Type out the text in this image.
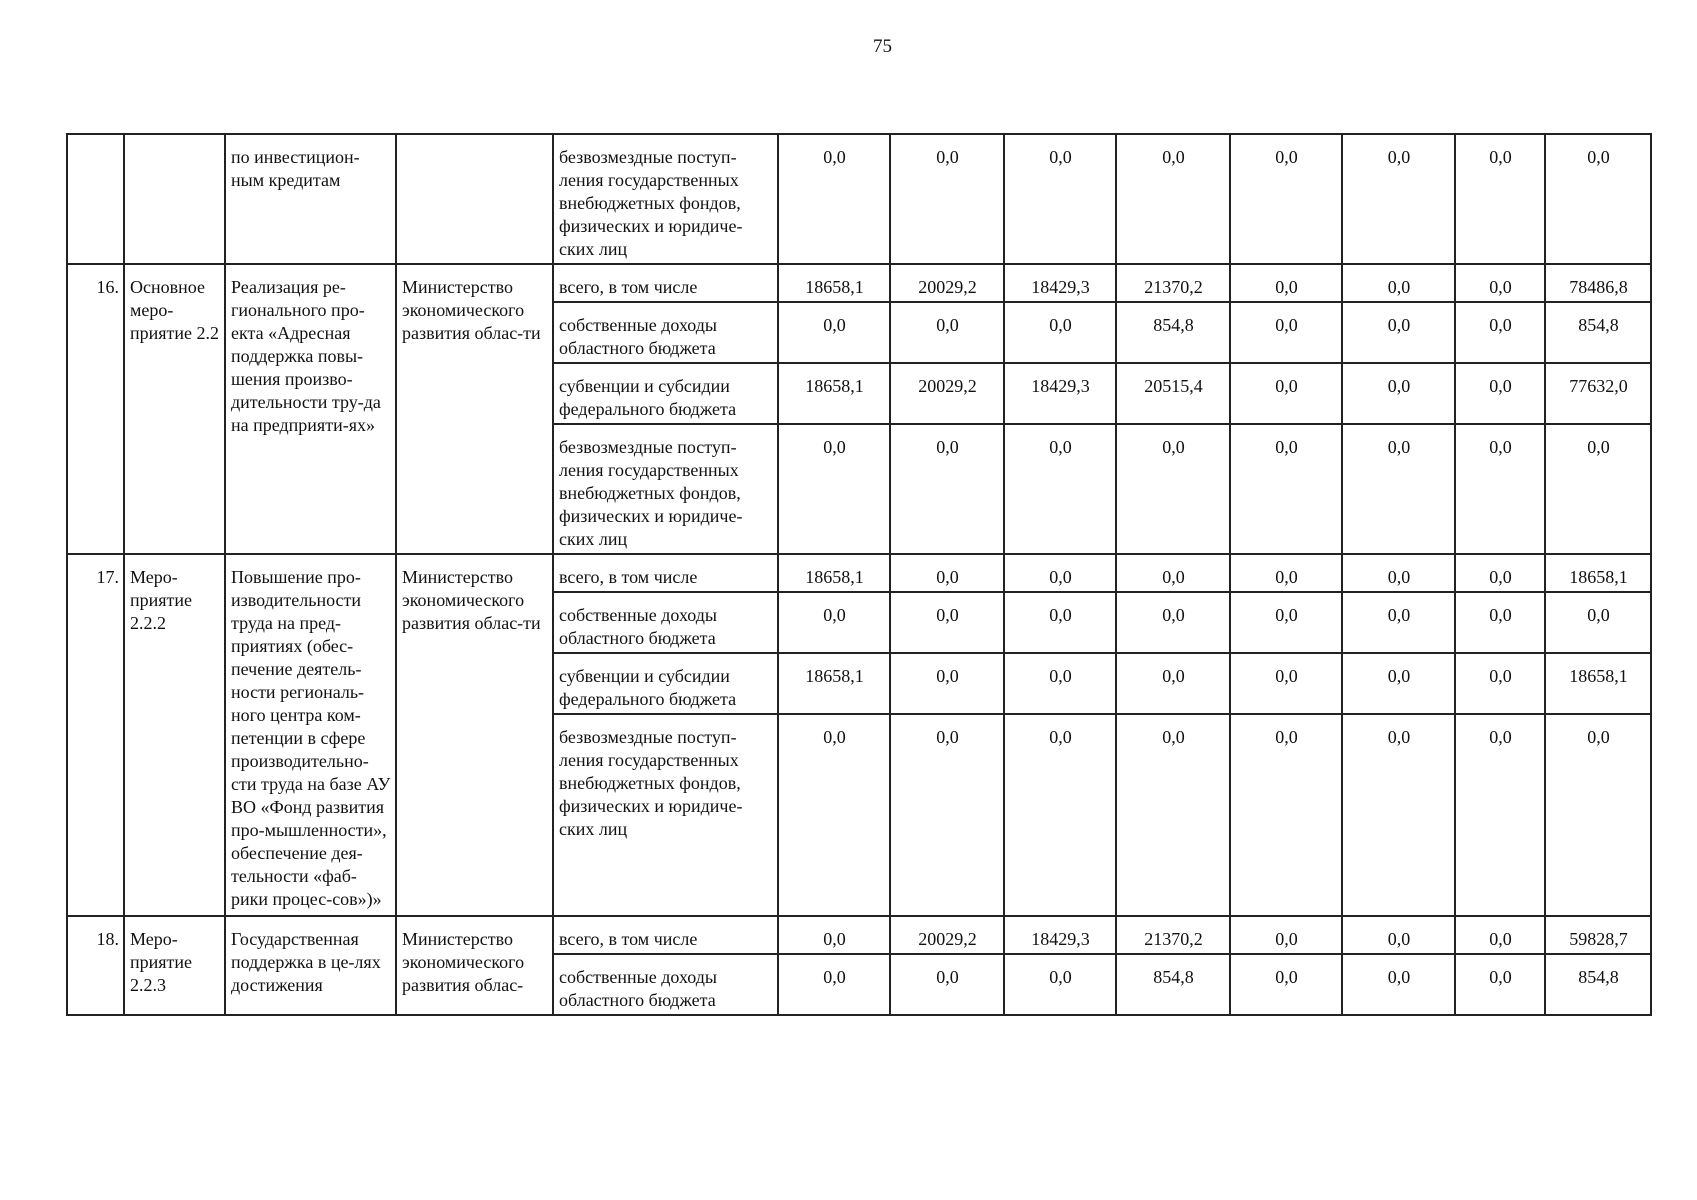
75
		по инвестицион-ным кредитам		безвозмездные поступ-ления государственных внебюджетных фондов, физических и юридиче-ских лиц	0,0	0,0	0,0	0,0	0,0	0,0	0,0	0,0
16.	Основное меро-приятие 2.2	Реализация ре-гионального про-екта «Адресная поддержка повы-шения произво-дительности тру-да на предприяти-ях»	Министерство экономического развития облас-ти	всего, в том числе	18658,1	20029,2	18429,3	21370,2	0,0	0,0	0,0	78486,8
				собственные доходы областного бюджета	0,0	0,0	0,0	854,8	0,0	0,0	0,0	854,8
				субвенции и субсидии федерального бюджета	18658,1	20029,2	18429,3	20515,4	0,0	0,0	0,0	77632,0
				безвозмездные поступ-ления государственных внебюджетных фондов, физических и юридиче-ских лиц	0,0	0,0	0,0	0,0	0,0	0,0	0,0	0,0
17.	Меро-приятие 2.2.2	Повышение про-изводительности труда на пред-приятиях (обес-печение деятель-ности региональ-ного центра ком-петенции в сфере производительно-сти труда на базе АУ ВО «Фонд развития про-мышленности», обеспечение дея-тельности «фаб-рики процес-сов»)»	Министерство экономического развития облас-ти	всего, в том числе	18658,1	0,0	0,0	0,0	0,0	0,0	0,0	18658,1
				собственные доходы областного бюджета	0,0	0,0	0,0	0,0	0,0	0,0	0,0	0,0
				субвенции и субсидии федерального бюджета	18658,1	0,0	0,0	0,0	0,0	0,0	0,0	18658,1
				безвозмездные поступ-ления государственных внебюджетных фондов, физических и юридиче-ских лиц	0,0	0,0	0,0	0,0	0,0	0,0	0,0	0,0
18.	Меро-приятие 2.2.3	Государственная поддержка в це-лях достижения	Министерство экономического развития облас-	всего, в том числе	0,0	20029,2	18429,3	21370,2	0,0	0,0	0,0	59828,7
				собственные доходы областного бюджета	0,0	0,0	0,0	854,8	0,0	0,0	0,0	854,8
